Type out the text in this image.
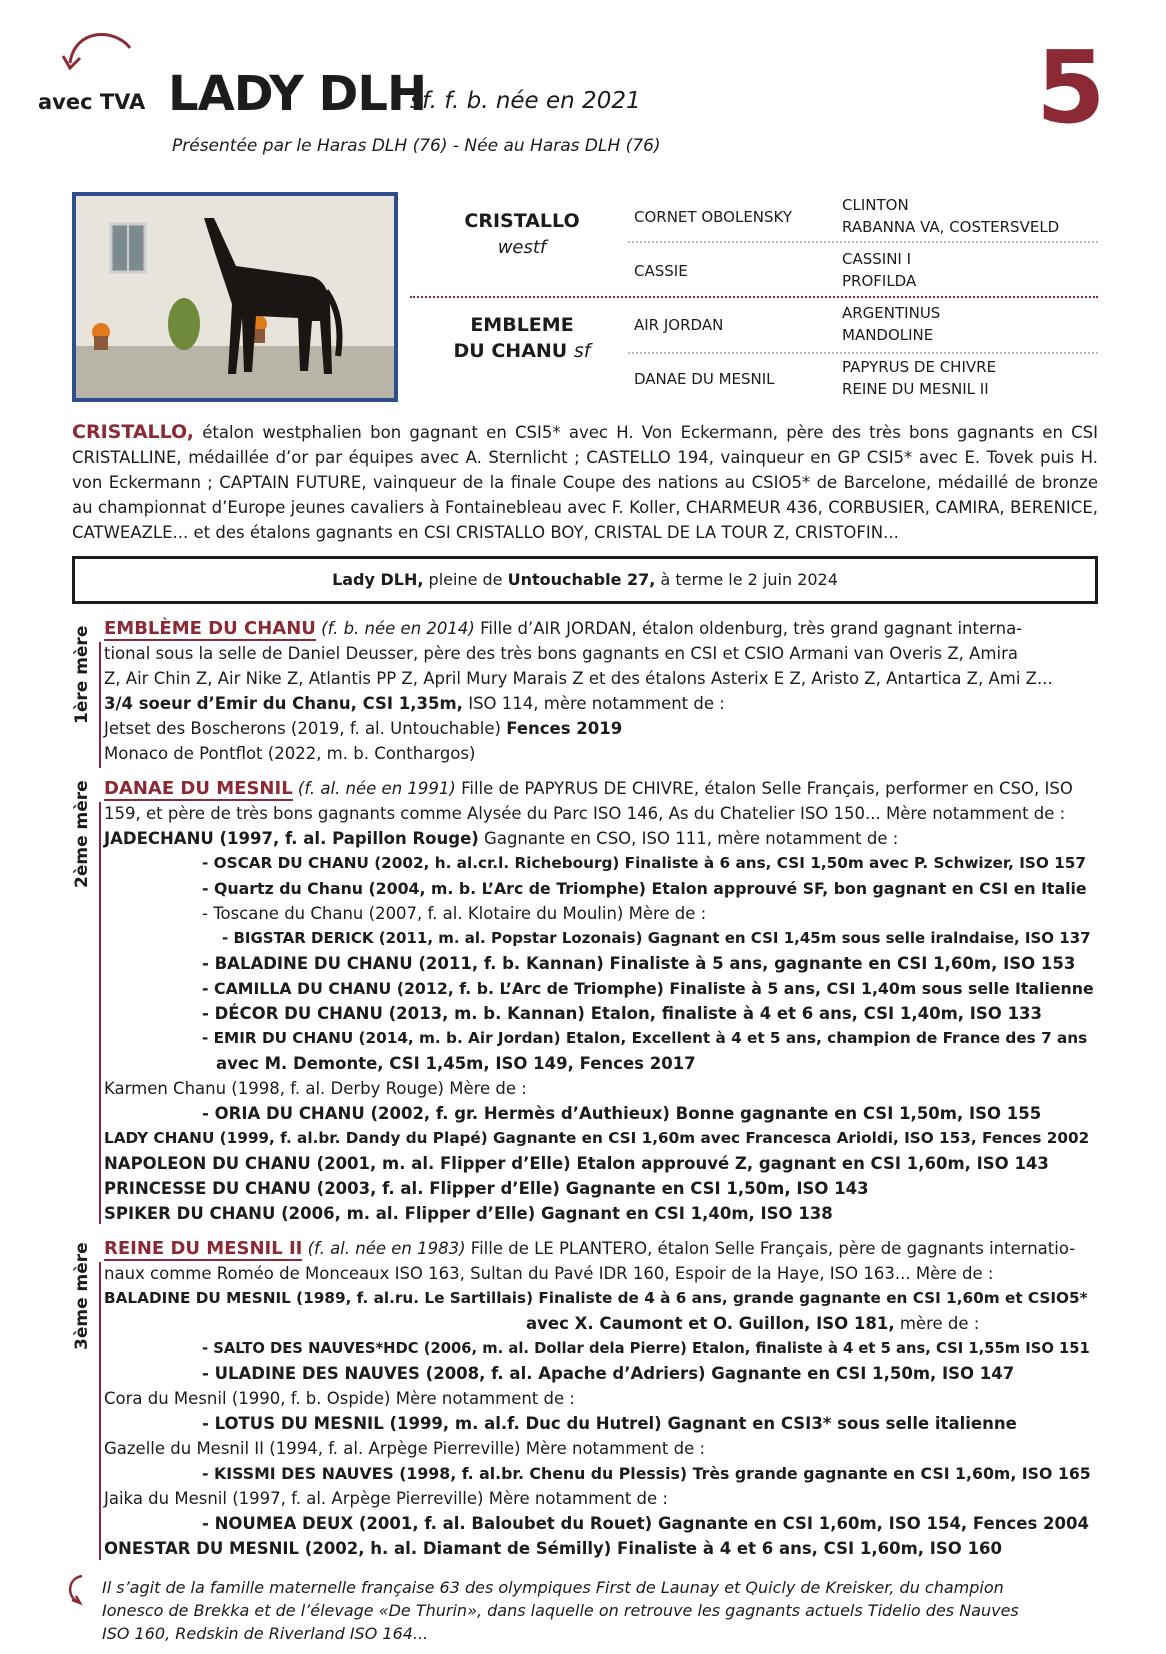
avec TVA LADY DLH
sf. f. b. née en 2021
Présentée par le Haras DLH (76) - Née au Haras DLH (76)	5
CRISTALLO
westf
EMBLEME
DU CHANU sf
CORNET OBOLENSKY
CASSIE
AIR JORDAN
DANAE DU MESNIL
CLINTON
RABANNA VA, COSTERSVELD
CASSINI I
PROFILDA
ARGENTINUS
MANDOLINE
PAPYRUS DE CHIVRE
REINE DU MESNIL II
CRISTALLO, étalon westphalien bon gagnant en CSI5* avec H. Von Eckermann, père des très bons gagnants en CSI CRISTALLINE, médaillée d’or par équipes avec A. Sternlicht ; CASTELLO 194, vainqueur en GP CSI5* avec E. Tovek puis H. von Eckermann ; CAPTAIN FUTURE, vainqueur de la finale Coupe des nations au CSIO5* de Barcelone, médaillé de bronze au championnat d’Europe jeunes cavaliers à Fontainebleau avec F. Koller, CHARMEUR 436, CORBUSIER, CAMIRA, BERENICE, CATWEAZLE... et des étalons gagnants en CSI CRISTALLO BOY, CRISTAL DE LA TOUR Z, CRISTOFIN...
Lady DLH, pleine de Untouchable 27, à terme le 2 juin 2024
1ère mère EMBLÈME DU CHANU (f. b. née en 2014) Fille d’AIR JORDAN, étalon oldenburg, très grand gagnant interna-
tional sous la selle de Daniel Deusser, père des très bons gagnants en CSI et CSIO Armani van Overis Z, Amira
Z, Air Chin Z, Air Nike Z, Atlantis PP Z, April Mury Marais Z et des étalons Asterix E Z, Aristo Z, Antartica Z, Ami Z...
3/4 soeur d’Emir du Chanu, CSI 1,35m, ISO 114, mère notamment de :
Jetset des Boscherons (2019, f. al. Untouchable) Fences 2019
Monaco de Pontflot (2022, m. b. Conthargos)
2ème mère DANAE DU MESNIL (f. al. née en 1991) Fille de PAPYRUS DE CHIVRE, étalon Selle Français, performer en CSO, ISO
159, et père de très bons gagnants comme Alysée du Parc ISO 146, As du Chatelier ISO 150... Mère notamment de :
JADECHANU (1997, f. al. Papillon Rouge) Gagnante en CSO, ISO 111, mère notamment de :
- OSCAR DU CHANU (2002, h. al.cr.l. Richebourg) Finaliste à 6 ans, CSI 1,50m avec P. Schwizer, ISO 157
- Quartz du Chanu (2004, m. b. L’Arc de Triomphe) Etalon approuvé SF, bon gagnant en CSI en Italie
- Toscane du Chanu (2007, f. al. Klotaire du Moulin) Mère de :
- BIGSTAR DERICK (2011, m. al. Popstar Lozonais) Gagnant en CSI 1,45m sous selle iralndaise, ISO 137
- BALADINE DU CHANU (2011, f. b. Kannan) Finaliste à 5 ans, gagnante en CSI 1,60m, ISO 153
- CAMILLA DU CHANU (2012, f. b. L’Arc de Triomphe) Finaliste à 5 ans, CSI 1,40m sous selle Italienne
- DÉCOR DU CHANU (2013, m. b. Kannan) Etalon, finaliste à 4 et 6 ans, CSI 1,40m, ISO 133
- EMIR DU CHANU (2014, m. b. Air Jordan) Etalon, Excellent à 4 et 5 ans, champion de France des 7 ans
avec M. Demonte, CSI 1,45m, ISO 149, Fences 2017
Karmen Chanu (1998, f. al. Derby Rouge) Mère de :
- ORIA DU CHANU (2002, f. gr. Hermès d’Authieux) Bonne gagnante en CSI 1,50m, ISO 155
LADY CHANU (1999, f. al.br. Dandy du Plapé) Gagnante en CSI 1,60m avec Francesca Arioldi, ISO 153, Fences 2002
NAPOLEON DU CHANU (2001, m. al. Flipper d’Elle) Etalon approuvé Z, gagnant en CSI 1,60m, ISO 143
PRINCESSE DU CHANU (2003, f. al. Flipper d’Elle) Gagnante en CSI 1,50m, ISO 143
SPIKER DU CHANU (2006, m. al. Flipper d’Elle) Gagnant en CSI 1,40m, ISO 138
3ème mère REINE DU MESNIL II (f. al. née en 1983) Fille de LE PLANTERO, étalon Selle Français, père de gagnants internatio-
naux comme Roméo de Monceaux ISO 163, Sultan du Pavé IDR 160, Espoir de la Haye, ISO 163... Mère de :
BALADINE DU MESNIL (1989, f. al.ru. Le Sartillais) Finaliste de 4 à 6 ans, grande gagnante en CSI 1,60m et CSIO5*
avec X. Caumont et O. Guillon, ISO 181, mère de :
- SALTO DES NAUVES*HDC (2006, m. al. Dollar dela Pierre) Etalon, finaliste à 4 et 5 ans, CSI 1,55m ISO 151
- ULADINE DES NAUVES (2008, f. al. Apache d’Adriers) Gagnante en CSI 1,50m, ISO 147
Cora du Mesnil (1990, f. b. Ospide) Mère notamment de :
- LOTUS DU MESNIL (1999, m. al.f. Duc du Hutrel) Gagnant en CSI3* sous selle italienne
Gazelle du Mesnil II (1994, f. al. Arpège Pierreville) Mère notamment de :
- KISSMI DES NAUVES (1998, f. al.br. Chenu du Plessis) Très grande gagnante en CSI 1,60m, ISO 165
Jaika du Mesnil (1997, f. al. Arpège Pierreville) Mère notamment de :
- NOUMEA DEUX (2001, f. al. Baloubet du Rouet) Gagnante en CSI 1,60m, ISO 154, Fences 2004
ONESTAR DU MESNIL (2002, h. al. Diamant de Sémilly) Finaliste à 4 et 6 ans, CSI 1,60m, ISO 160
Il s’agit de la famille maternelle française 63 des olympiques First de Launay et Quicly de Kreisker, du champion
Ionesco de Brekka et de l’élevage «De Thurin», dans laquelle on retrouve les gagnants actuels Tidelio des Nauves
ISO 160, Redskin de Riverland ISO 164...
